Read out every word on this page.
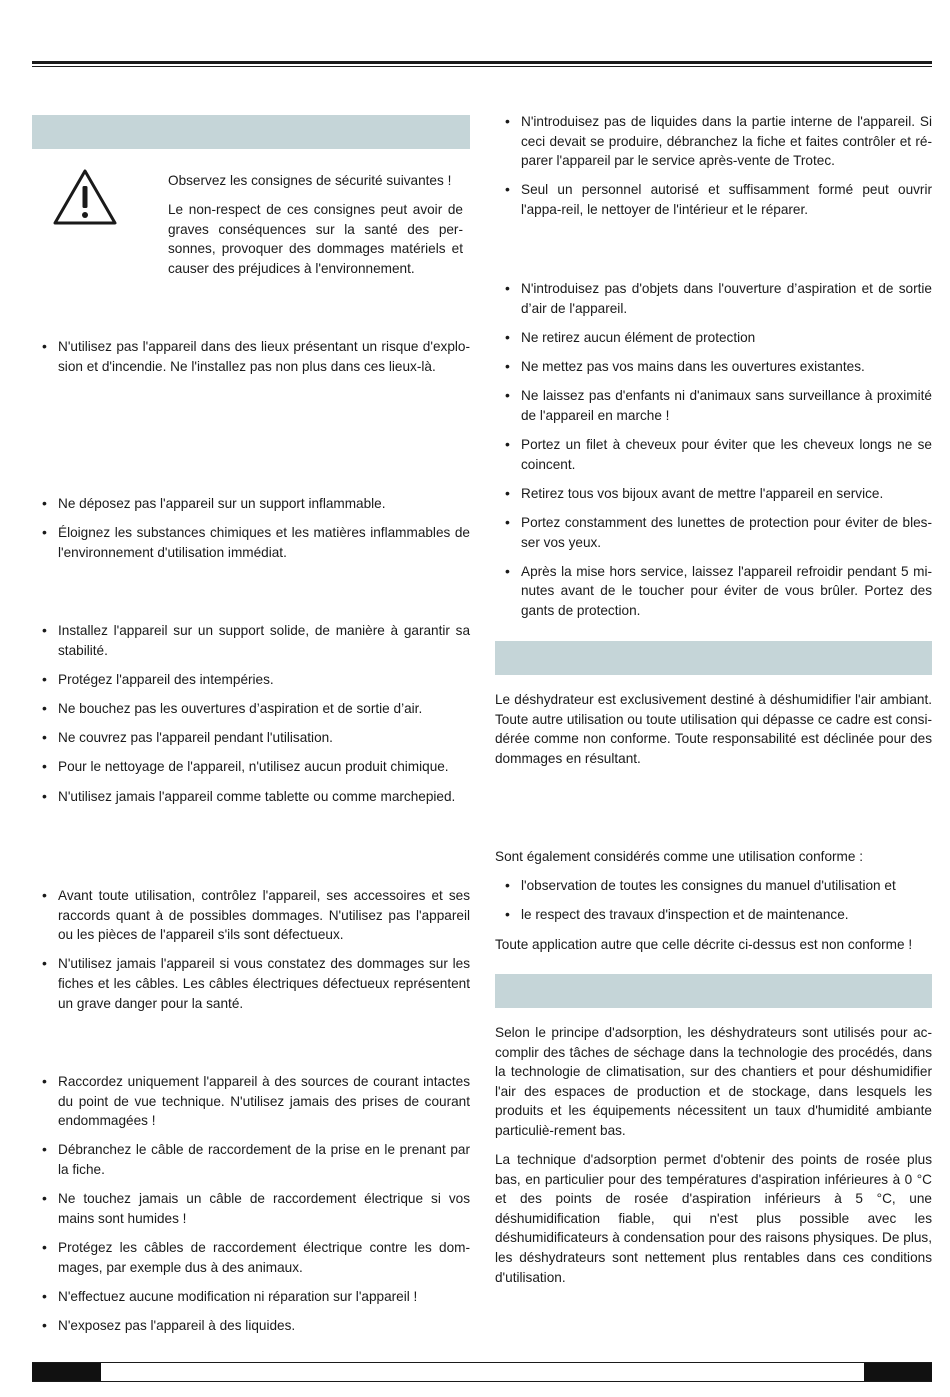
Observez les consignes de sécurité suivantes !

Le non-respect de ces consignes peut avoir de graves conséquences sur la santé des per-sonnes, provoquer des dommages matériels et causer des préjudices à l'environnement.

• N'utilisez pas l'appareil dans des lieux présentant un risque d'explo-sion et d'incendie. Ne l'installez pas non plus dans ces lieux-là.
• Ne déposez pas l'appareil sur un support inflammable.
• Éloignez les substances chimiques et les matières inflammables de l'environnement d'utilisation immédiat.
• Installez l'appareil sur un support solide, de manière à garantir sa stabilité.
• Protégez l'appareil des intempéries.
• Ne bouchez pas les ouvertures d’aspiration et de sortie d’air.
• Ne couvrez pas l'appareil pendant l'utilisation.
• Pour le nettoyage de l'appareil, n'utilisez aucun produit chimique.
• N'utilisez jamais l'appareil comme tablette ou comme marchepied.
• Avant toute utilisation, contrôlez l'appareil, ses accessoires et ses raccords quant à de possibles dommages. N'utilisez pas l'appareil ou les pièces de l'appareil s'ils sont défectueux.
• N'utilisez jamais l'appareil si vous constatez des dommages sur les fiches et les câbles. Les câbles électriques défectueux représentent un grave danger pour la santé.
• Raccordez uniquement l'appareil à des sources de courant intactes du point de vue technique. N'utilisez jamais des prises de courant endommagées !
• Débranchez le câble de raccordement de la prise en le prenant par la fiche.
• Ne touchez jamais un câble de raccordement électrique si vos mains sont humides !
• Protégez les câbles de raccordement électrique contre les dom-mages, par exemple dus à des animaux.
• N'effectuez aucune modification ni réparation sur l'appareil !
• N'exposez pas l'appareil à des liquides.
• N'introduisez pas de liquides dans la partie interne de l'appareil. Si ceci devait se produire, débranchez la fiche et faites contrôler et ré-parer l'appareil par le service après-vente de Trotec.
• Seul un personnel autorisé et suffisamment formé peut ouvrir l'appa-reil, le nettoyer de l'intérieur et le réparer.
• N'introduisez pas d'objets dans l'ouverture d’aspiration et de sortie d’air de l'appareil.
• Ne retirez aucun élément de protection
• Ne mettez pas vos mains dans les ouvertures existantes.
• Ne laissez pas d'enfants ni d'animaux sans surveillance à proximité de l'appareil en marche !
• Portez un filet à cheveux pour éviter que les cheveux longs ne se coincent.
• Retirez tous vos bijoux avant de mettre l'appareil en service.
• Portez constamment des lunettes de protection pour éviter de bles-ser vos yeux.
• Après la mise hors service, laissez l'appareil refroidir pendant 5 mi-nutes avant de le toucher pour éviter de vous brûler. Portez des gants de protection.

Le déshydrateur est exclusivement destiné à déshumidifier l'air ambiant. Toute autre utilisation ou toute utilisation qui dépasse ce cadre est consi-dérée comme non conforme. Toute responsabilité est déclinée pour des dommages en résultant.

Sont également considérés comme une utilisation conforme :

• l'observation de toutes les consignes du manuel d'utilisation et
• le respect des travaux d'inspection et de maintenance.

Toute application autre que celle décrite ci-dessus est non conforme !

Selon le principe d'adsorption, les déshydrateurs sont utilisés pour ac-complir des tâches de séchage dans la technologie des procédés, dans la technologie de climatisation, sur des chantiers et pour déshumidifier l'air des espaces de production et de stockage, dans lesquels les produits et les équipements nécessitent un taux d'humidité ambiante particuliè-rement bas.

La technique d'adsorption permet d'obtenir des points de rosée plus bas, en particulier pour des températures d'aspiration inférieures à 0 °C et des points de rosée d'aspiration inférieurs à 5 °C, une déshumidification fiable, qui n'est plus possible avec les déshumidificateurs à condensation pour des raisons physiques. De plus, les déshydrateurs sont nettement plus rentables dans ces conditions d'utilisation.
